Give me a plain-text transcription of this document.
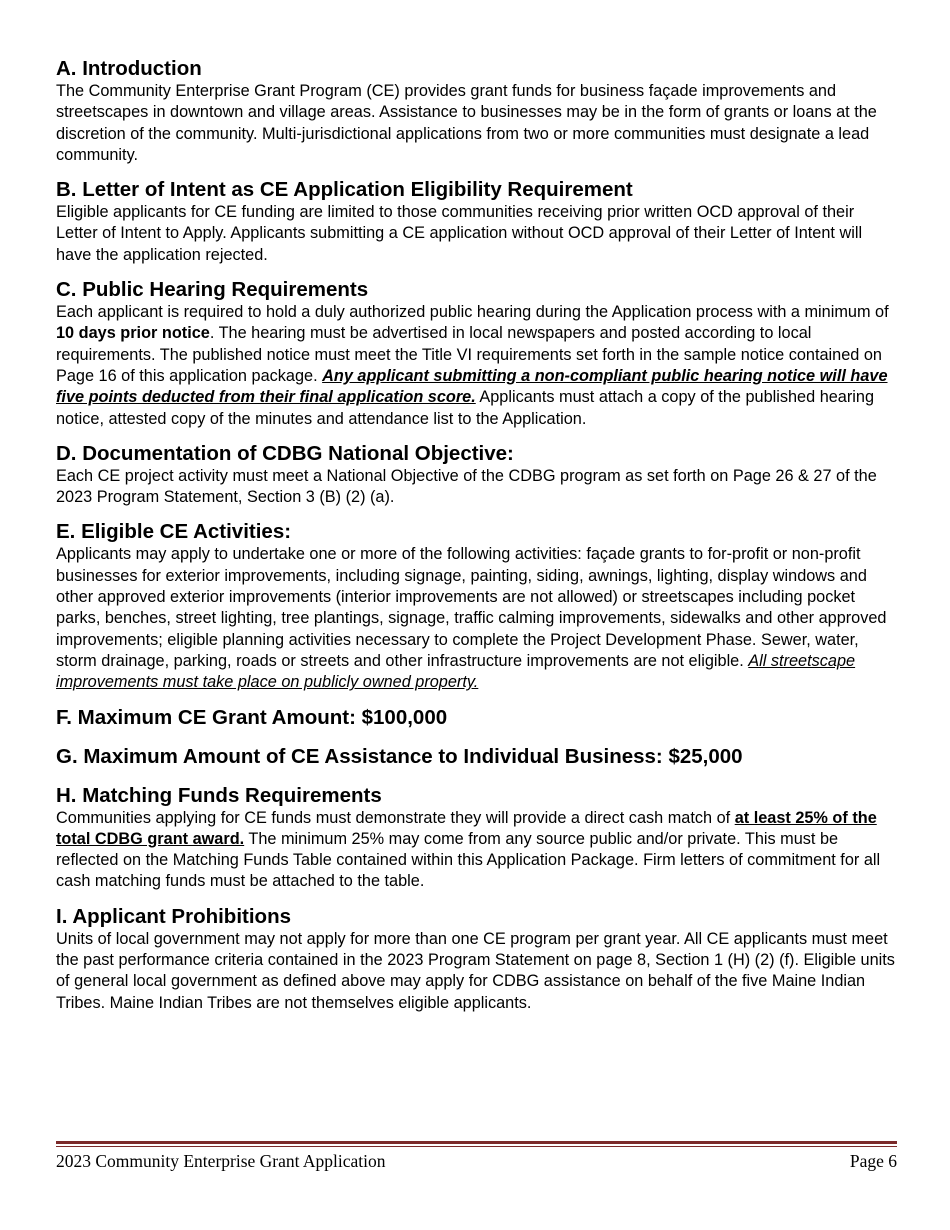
A. Introduction

The Community Enterprise Grant Program (CE) provides grant funds for business façade improvements and streetscapes in downtown and village areas. Assistance to businesses may be in the form of grants or loans at the discretion of the community. Multi-jurisdictional applications from two or more communities must designate a lead community.

B. Letter of Intent as CE Application Eligibility Requirement

Eligible applicants for CE funding are limited to those communities receiving prior written OCD approval of their Letter of Intent to Apply. Applicants submitting a CE application without OCD approval of their Letter of Intent will have the application rejected.

C. Public Hearing Requirements

Each applicant is required to hold a duly authorized public hearing during the Application process with a minimum of 10 days prior notice. The hearing must be advertised in local newspapers and posted according to local requirements. The published notice must meet the Title VI requirements set forth in the sample notice contained on Page 16 of this application package. Any applicant submitting a non-compliant public hearing notice will have five points deducted from their final application score. Applicants must attach a copy of the published hearing notice, attested copy of the minutes and attendance list to the Application.

D. Documentation of CDBG National Objective:

Each CE project activity must meet a National Objective of the CDBG program as set forth on Page 26 & 27 of the 2023 Program Statement, Section 3 (B) (2) (a).

E. Eligible CE Activities:

Applicants may apply to undertake one or more of the following activities: façade grants to for-profit or non-profit businesses for exterior improvements, including signage, painting, siding, awnings, lighting, display windows and other approved exterior improvements (interior improvements are not allowed) or streetscapes including pocket parks, benches, street lighting, tree plantings, signage, traffic calming improvements, sidewalks and other approved improvements; eligible planning activities necessary to complete the Project Development Phase. Sewer, water, storm drainage, parking, roads or streets and other infrastructure improvements are not eligible. All streetscape improvements must take place on publicly owned property.

F. Maximum CE Grant Amount: $100,000
G. Maximum Amount of CE Assistance to Individual Business: $25,000
H. Matching Funds Requirements

Communities applying for CE funds must demonstrate they will provide a direct cash match of at least 25% of the total CDBG grant award. The minimum 25% may come from any source public and/or private. This must be reflected on the Matching Funds Table contained within this Application Package. Firm letters of commitment for all cash matching funds must be attached to the table.

I. Applicant Prohibitions

Units of local government may not apply for more than one CE program per grant year. All CE applicants must meet the past performance criteria contained in the 2023 Program Statement on page 8, Section 1 (H) (2) (f). Eligible units of general local government as defined above may apply for CDBG assistance on behalf of the five Maine Indian Tribes. Maine Indian Tribes are not themselves eligible applicants.

2023 Community Enterprise Grant Application	Page 6
